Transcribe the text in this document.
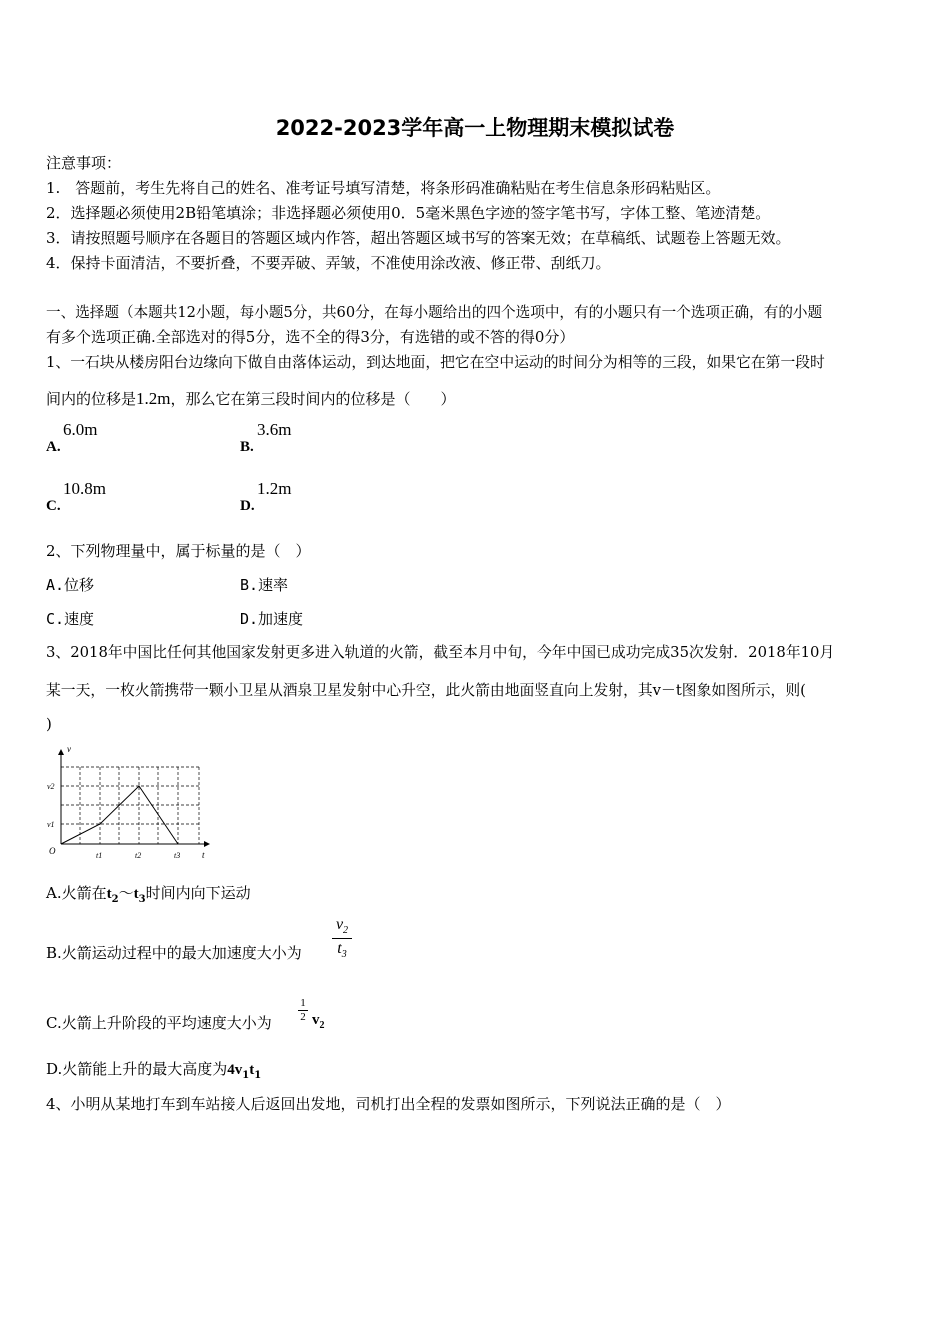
2022-2023学年高一上物理期末模拟试卷
注意事项：
1.　答题前，考生先将自己的姓名、准考证号填写清楚，将条形码准确粘贴在考生信息条形码粘贴区。
2．选择题必须使用2B铅笔填涂；非选择题必须使用0．5毫米黑色字迹的签字笔书写，字体工整、笔迹清楚。
3．请按照题号顺序在各题目的答题区域内作答，超出答题区域书写的答案无效；在草稿纸、试题卷上答题无效。
4．保持卡面清洁，不要折叠，不要弄破、弄皱，不准使用涂改液、修正带、刮纸刀。
一、选择题（本题共12小题，每小题5分，共60分，在每小题给出的四个选项中，有的小题只有一个选项正确，有的小题
有多个选项正确.全部选对的得5分，选不全的得3分，有选错的或不答的得0分）
1、一石块从楼房阳台边缘向下做自由落体运动，到达地面，把它在空中运动的时间分为相等的三段，如果它在第一段时
间内的位移是1.2m，那么它在第三段时间内的位移是（　　）
A.
6.0m
B.
3.6m
C.
10.8m
D.
1.2m
2、下列物理量中，属于标量的是（　）
A.位移	B.速率
C.速度	D.加速度
3、2018年中国比任何其他国家发射更多进入轨道的火箭，截至本月中旬，今年中国已成功完成35次发射．2018年10月
某一天，一枚火箭携带一颗小卫星从酒泉卫星发射中心升空，此火箭由地面竖直向上发射，其v－t图象如图所示，则(
)
v
t
O
v2
v1
t1	t2	t3
A.火箭在$t_2\sim t_3$时间内向下运动
B.火箭运动过程中的最大加速度大小为
$v_2$
$t_3$
C.火箭上升阶段的平均速度大小为
1
2 $v_2$
D.火箭能上升的最大高度为$4v_1t_1$
4、小明从某地打车到车站接人后返回出发地，司机打出全程的发票如图所示，下列说法正确的是（　）
